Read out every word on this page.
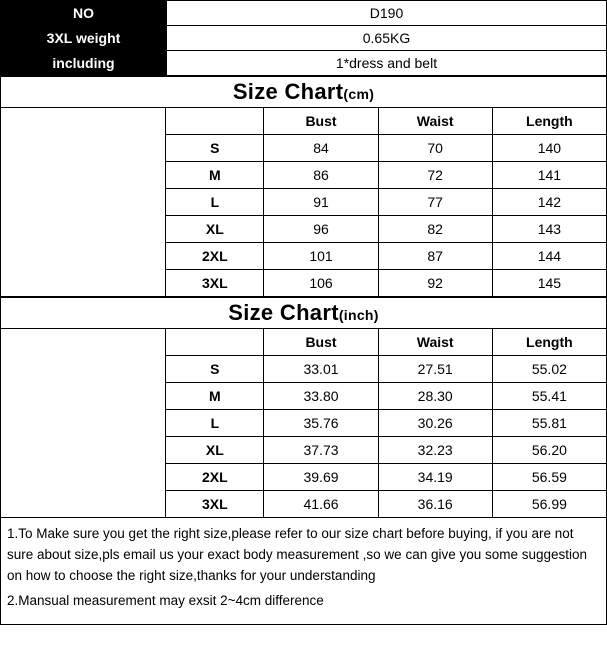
NO	D190
3XL weight	0.65KG
including	1*dress and belt
Size Chart(cm)				

		Bust	Waist	Length
	S	84	70	140
	M	86	72	141
	L	91	77	142
	XL	96	82	143
	2XL	101	87	144
	3XL	106	92	145
Size Chart(inch)				

		Bust	Waist	Length
	S	33.01	27.51	55.02
	M	33.80	28.30	55.41
	L	35.76	30.26	55.81
	XL	37.73	32.23	56.20
	2XL	39.69	34.19	56.59
	3XL	41.66	36.16	56.99

1.To Make sure you get the right size,please refer to our size chart before buying, if you are not sure about size,pls email us your exact body measurement ,so we can give you some suggestion on how to choose the right size,thanks for your understanding

2.Mansual measurement may exsit 2~4cm difference
